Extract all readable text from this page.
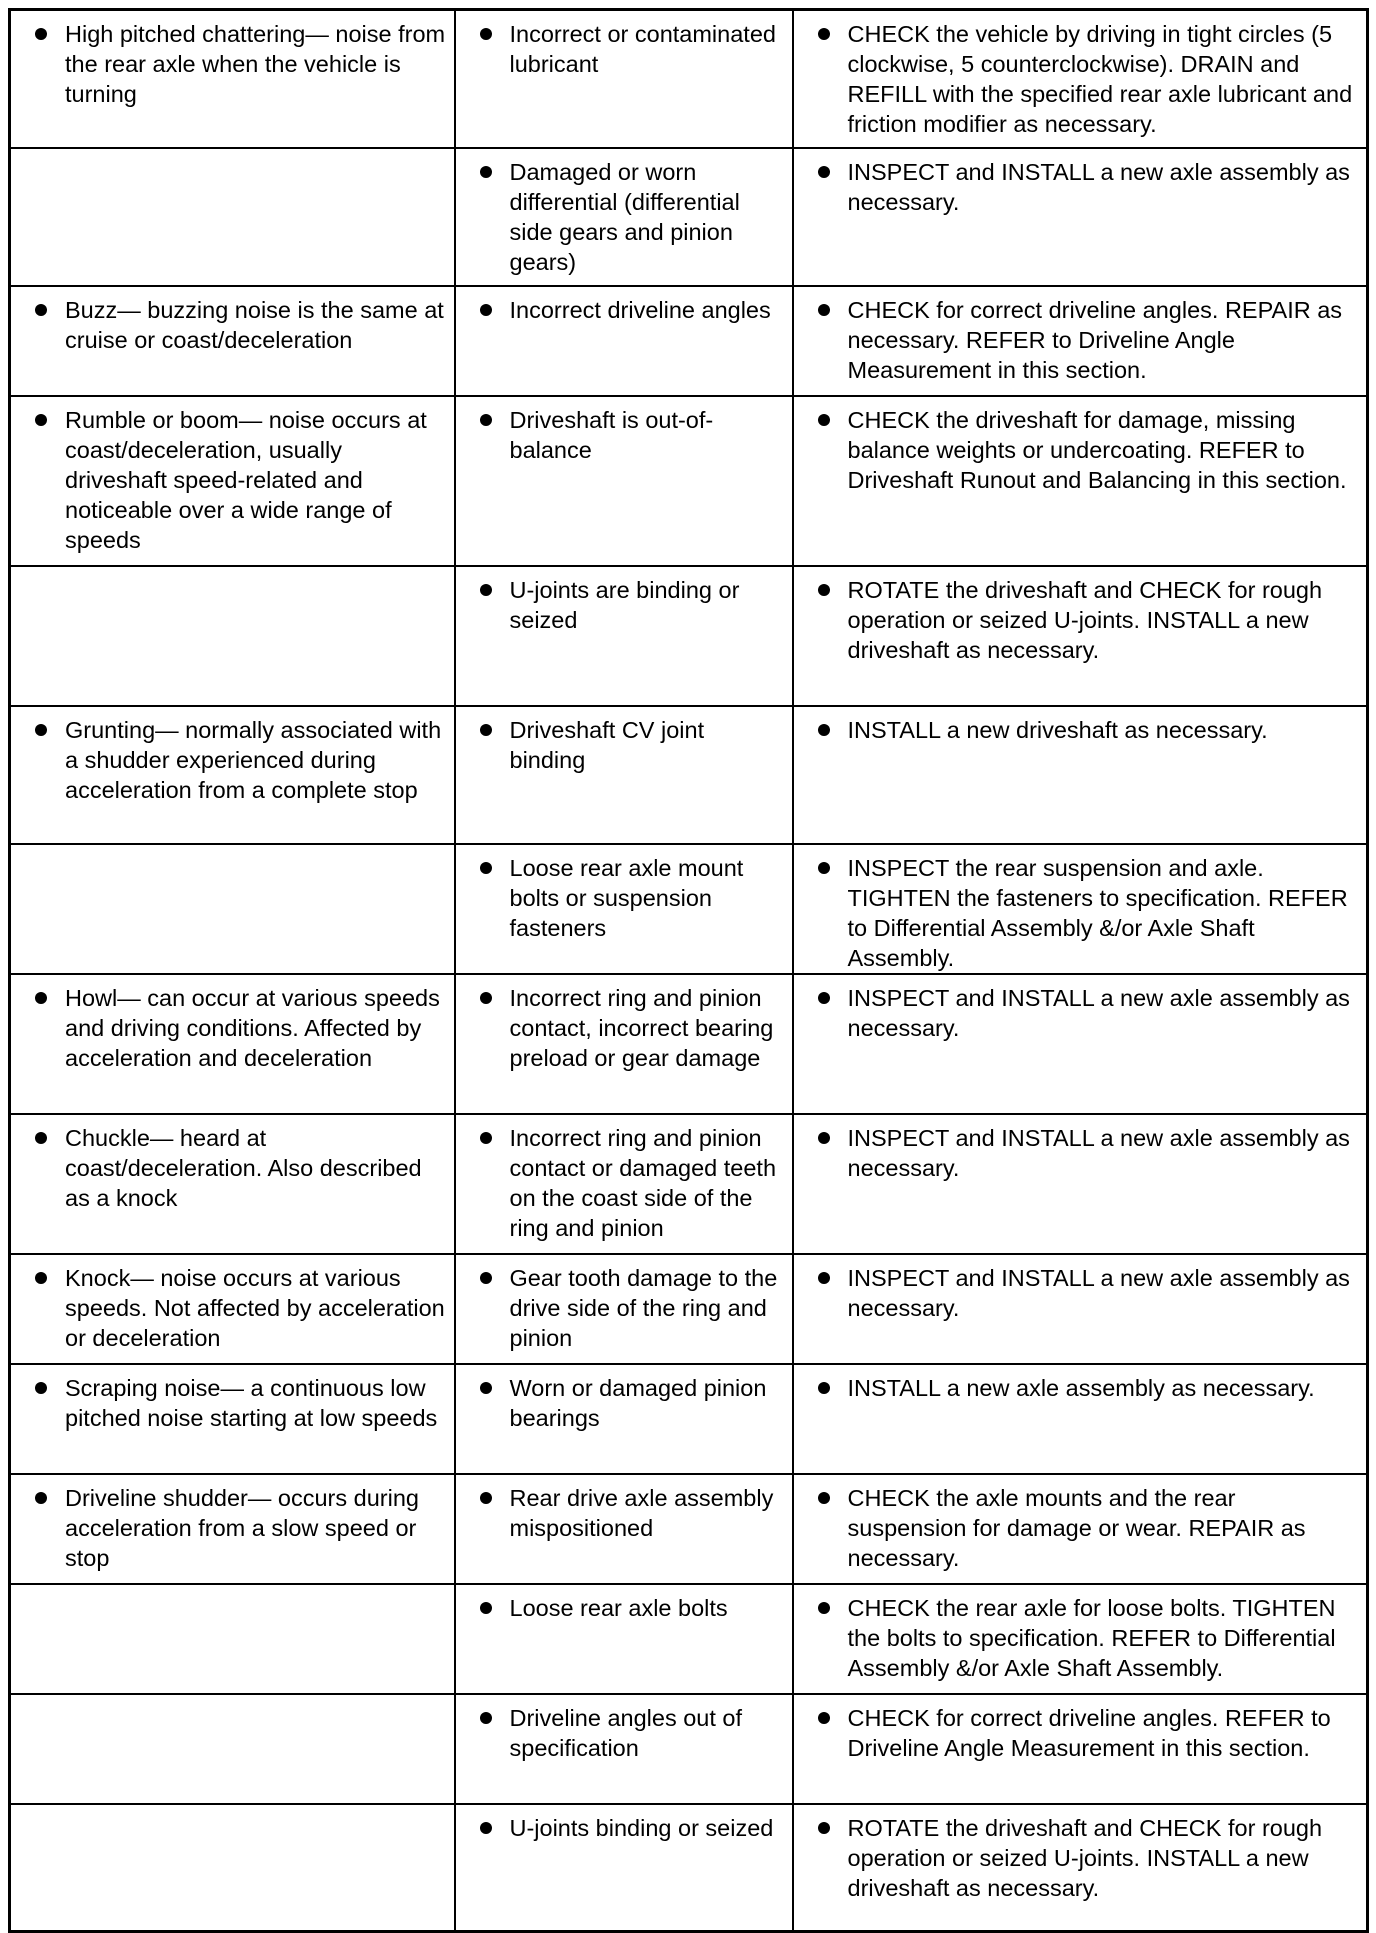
High pitched chattering— noise from the rear axle when the vehicle is turning	Incorrect or contaminated lubricant	CHECK the vehicle by driving in tight circles (5 clockwise, 5 counterclockwise). DRAIN and REFILL with the specified rear axle lubricant and friction modifier as necessary.

	Damaged or worn differential (differential side gears and pinion gears)	INSPECT and INSTALL a new axle assembly as necessary.

Buzz— buzzing noise is the same at cruise or coast/deceleration	Incorrect driveline angles	CHECK for correct driveline angles. REPAIR as necessary. REFER to Driveline Angle Measurement in this section.

Rumble or boom— noise occurs at coast/deceleration, usually driveshaft speed-related and noticeable over a wide range of speeds	Driveshaft is out-of-balance	CHECK the driveshaft for damage, missing balance weights or undercoating. REFER to Driveshaft Runout and Balancing in this section.

	U-joints are binding or seized	ROTATE the driveshaft and CHECK for rough operation or seized U-joints. INSTALL a new driveshaft as necessary.

Grunting— normally associated with a shudder experienced during acceleration from a complete stop	Driveshaft CV joint binding	INSTALL a new driveshaft as necessary.

	Loose rear axle mount bolts or suspension fasteners	INSPECT the rear suspension and axle. TIGHTEN the fasteners to specification. REFER to Differential Assembly &/or Axle Shaft Assembly.

Howl— can occur at various speeds and driving conditions. Affected by acceleration and deceleration	Incorrect ring and pinion contact, incorrect bearing preload or gear damage	INSPECT and INSTALL a new axle assembly as necessary.

Chuckle— heard at coast/deceleration. Also described as a knock	Incorrect ring and pinion contact or damaged teeth on the coast side of the ring and pinion	INSPECT and INSTALL a new axle assembly as necessary.

Knock— noise occurs at various speeds. Not affected by acceleration or deceleration	Gear tooth damage to the drive side of the ring and pinion	INSPECT and INSTALL a new axle assembly as necessary.

Scraping noise— a continuous low pitched noise starting at low speeds	Worn or damaged pinion bearings	INSTALL a new axle assembly as necessary.

Driveline shudder— occurs during acceleration from a slow speed or stop	Rear drive axle assembly mispositioned	CHECK the axle mounts and the rear suspension for damage or wear. REPAIR as necessary.

	Loose rear axle bolts	CHECK the rear axle for loose bolts. TIGHTEN the bolts to specification. REFER to Differential Assembly &/or Axle Shaft Assembly.

	Driveline angles out of specification	CHECK for correct driveline angles. REFER to Driveline Angle Measurement in this section.

	U-joints binding or seized	ROTATE the driveshaft and CHECK for rough operation or seized U-joints. INSTALL a new driveshaft as necessary.
